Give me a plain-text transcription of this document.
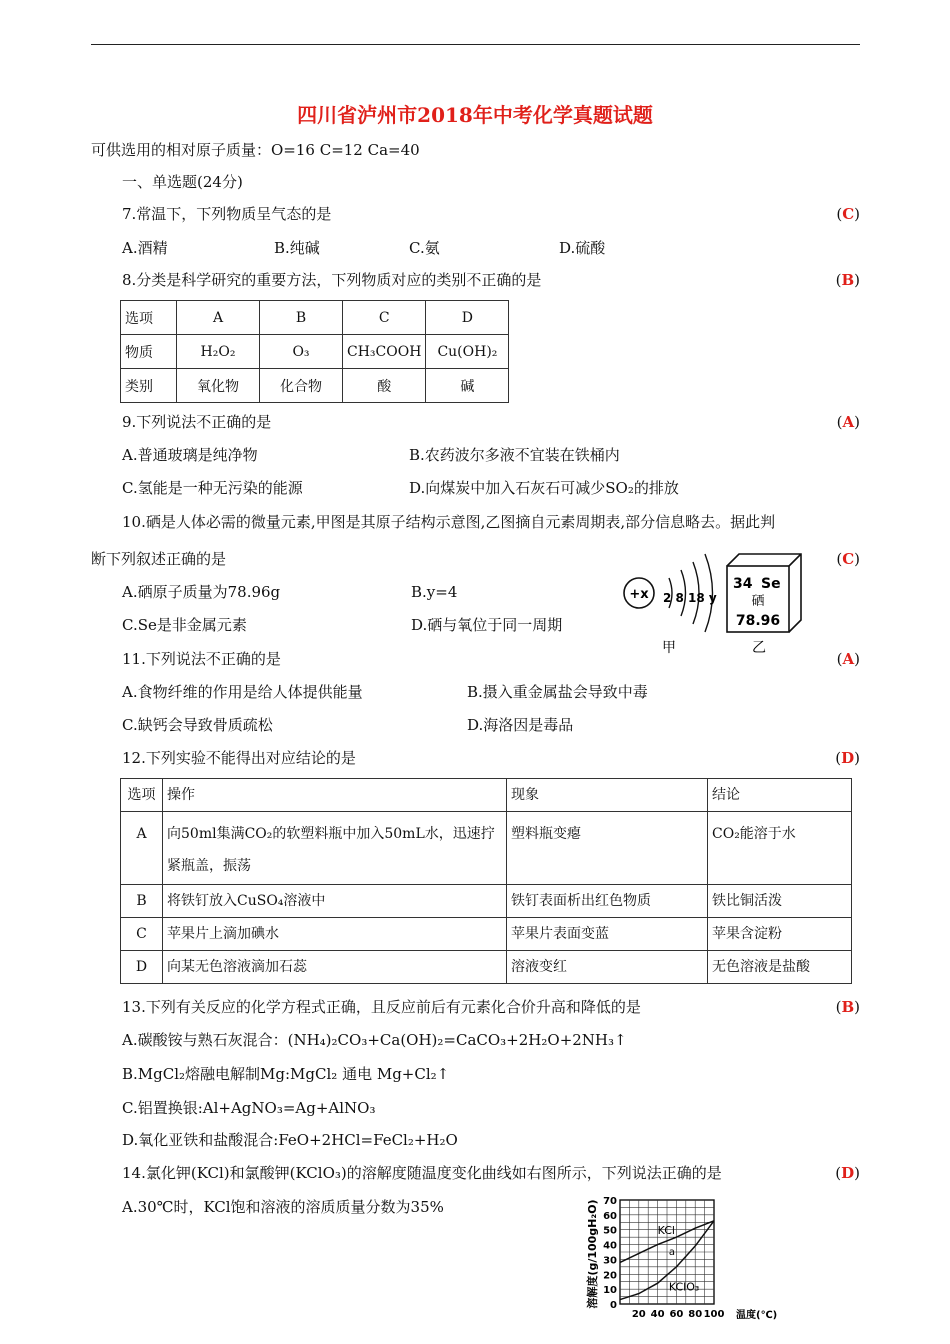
四川省泸州市2018年中考化学真题试题
可供选用的相对原子质量：O=16 C=12 Ca=40
一、单选题(24分)
7.常温下，下列物质呈气态的是	(C)
A.酒精	B.纯碱	C.氨	D.硫酸
8.分类是科学研究的重要方法，下列物质对应的类别不正确的是	(B)
选项	A	B	C	D
物质	H₂O₂	O₃	CH₃COOH	Cu(OH)₂
类别	氧化物	化合物	酸	碱
9.下列说法不正确的是	(A)
A.普通玻璃是纯净物	B.农药波尔多液不宜装在铁桶内
C.氢能是一种无污染的能源	D.向煤炭中加入石灰石可减少SO₂的排放
10.硒是人体必需的微量元素,甲图是其原子结构示意图,乙图摘自元素周期表,部分信息略去。据此判
断下列叙述正确的是	(C)
A.硒原子质量为78.96g	B.y=4
C.Se是非金属元素	D.硒与氧位于同一周期
+x 2 8 18 y
甲
34 Se
硒
78.96
乙
11.下列说法不正确的是	(A)
A.食物纤维的作用是给人体提供能量	B.摄入重金属盐会导致中毒
C.缺钙会导致骨质疏松	D.海洛因是毒品
12.下列实验不能得出对应结论的是	(D)
选项	操作	现象	结论
A	向50ml集满CO₂的软塑料瓶中加入50mL水，迅速拧紧瓶盖，振荡	塑料瓶变瘪	CO₂能溶于水
B	将铁钉放入CuSO₄溶液中	铁钉表面析出红色物质	铁比铜活泼
C	苹果片上滴加碘水	苹果片表面变蓝	苹果含淀粉
D	向某无色溶液滴加石蕊	溶液变红	无色溶液是盐酸
13.下列有关反应的化学方程式正确，且反应前后有元素化合价升高和降低的是	(B)
A.碳酸铵与熟石灰混合：(NH₄)₂CO₃+Ca(OH)₂=CaCO₃+2H₂O+2NH₃↑
B.MgCl₂熔融电解制Mg:MgCl₂ 通电 Mg+Cl₂↑
C.铝置换银:Al+AgNO₃=Ag+AlNO₃
D.氧化亚铁和盐酸混合:FeO+2HCl=FeCl₂+H₂O
14.氯化钾(KCl)和氯酸钾(KClO₃)的溶解度随温度变化曲线如右图所示，下列说法正确的是	(D)
A.30℃时，KCl饱和溶液的溶质质量分数为35%
0
10
20
30
40
50
60
70
20 40 60 80 100
溶解度(g/100gH₂O)
温度(℃)
KCl
KClO₃
a
